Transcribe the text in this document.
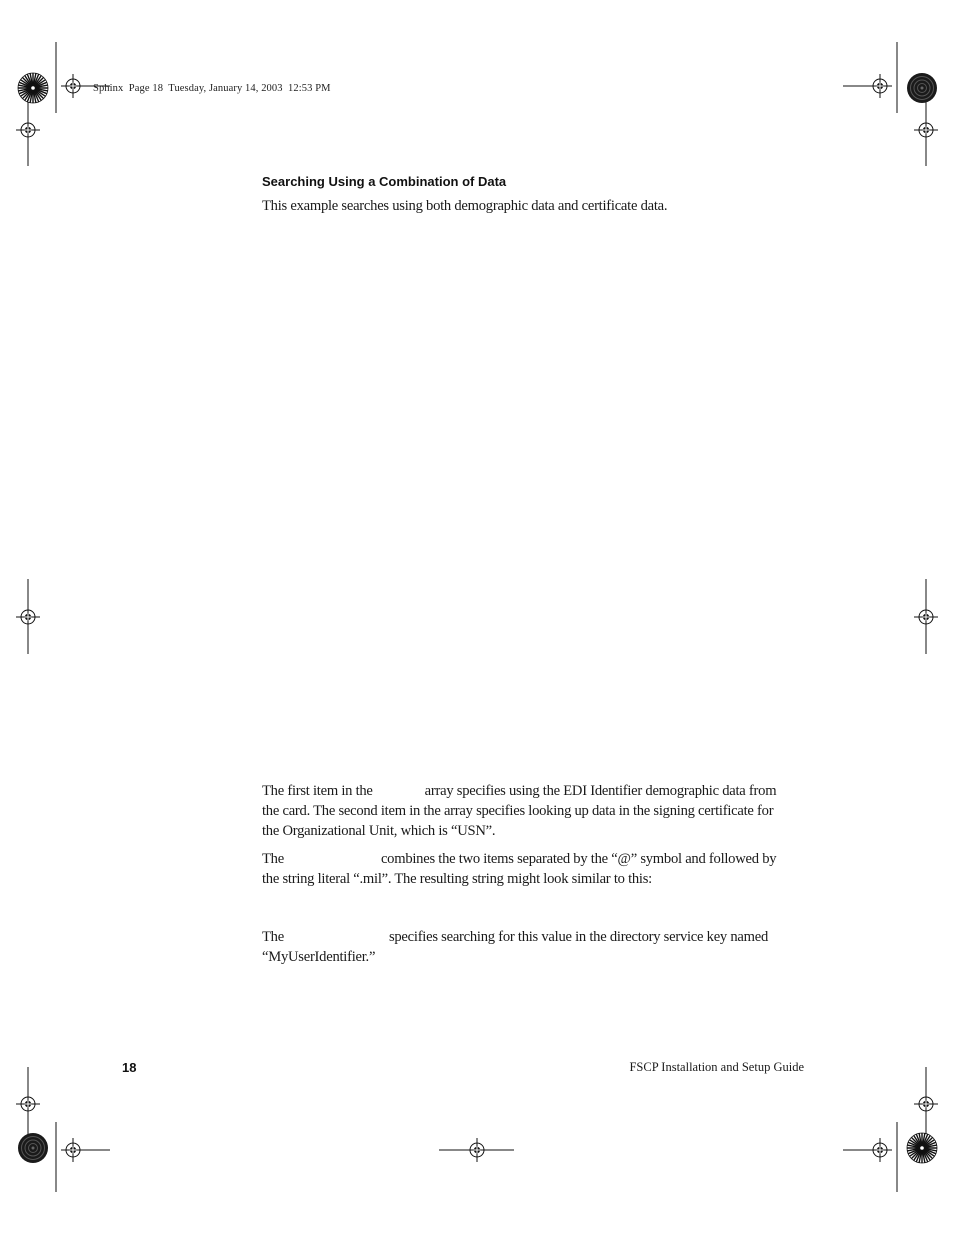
Sphinx  Page 18  Tuesday, January 14, 2003  12:53 PM
Searching Using a Combination of Data
This example searches using both demographic data and certificate data.
The first item in the	array specifies using the EDI Identifier demographic data from
the card. The second item in the array specifies looking up data in the signing certificate for
the Organizational Unit, which is “USN”.
The	combines the two items separated by the “@” symbol and followed by
the string literal “.mil”. The resulting string might look similar to this:
The	specifies searching for this value in the directory service key named
“MyUserIdentifier.”
18	FSCP Installation and Setup Guide
